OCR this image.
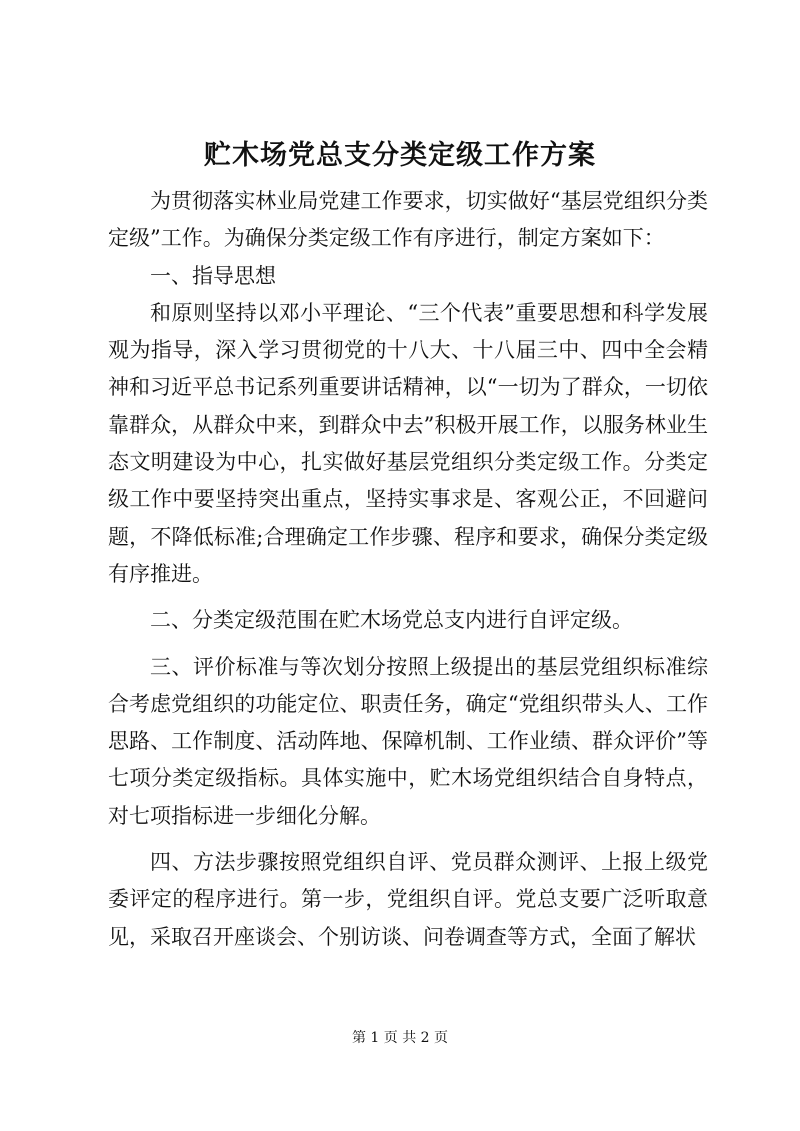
贮木场党总支分类定级工作方案

为贯彻落实林业局党建工作要求，切实做好“基层党组织分类定级”工作。为确保分类定级工作有序进行，制定方案如下：

一、指导思想

和原则坚持以邓小平理论、“三个代表”重要思想和科学发展观为指导，深入学习贯彻党的十八大、十八届三中、四中全会精神和习近平总书记系列重要讲话精神，以“一切为了群众，一切依靠群众，从群众中来，到群众中去”积极开展工作，以服务林业生态文明建设为中心，扎实做好基层党组织分类定级工作。分类定级工作中要坚持突出重点，坚持实事求是、客观公正，不回避问题，不降低标准;合理确定工作步骤、程序和要求，确保分类定级有序推进。

二、分类定级范围在贮木场党总支内进行自评定级。

三、评价标准与等次划分按照上级提出的基层党组织标准综合考虑党组织的功能定位、职责任务，确定“党组织带头人、工作思路、工作制度、活动阵地、保障机制、工作业绩、群众评价”等七项分类定级指标。具体实施中，贮木场党组织结合自身特点，对七项指标进一步细化分解。

四、方法步骤按照党组织自评、党员群众测评、上报上级党委评定的程序进行。第一步，党组织自评。党总支要广泛听取意见，采取召开座谈会、个别访谈、问卷调查等方式，全面了解状

第 1 页 共 2 页
